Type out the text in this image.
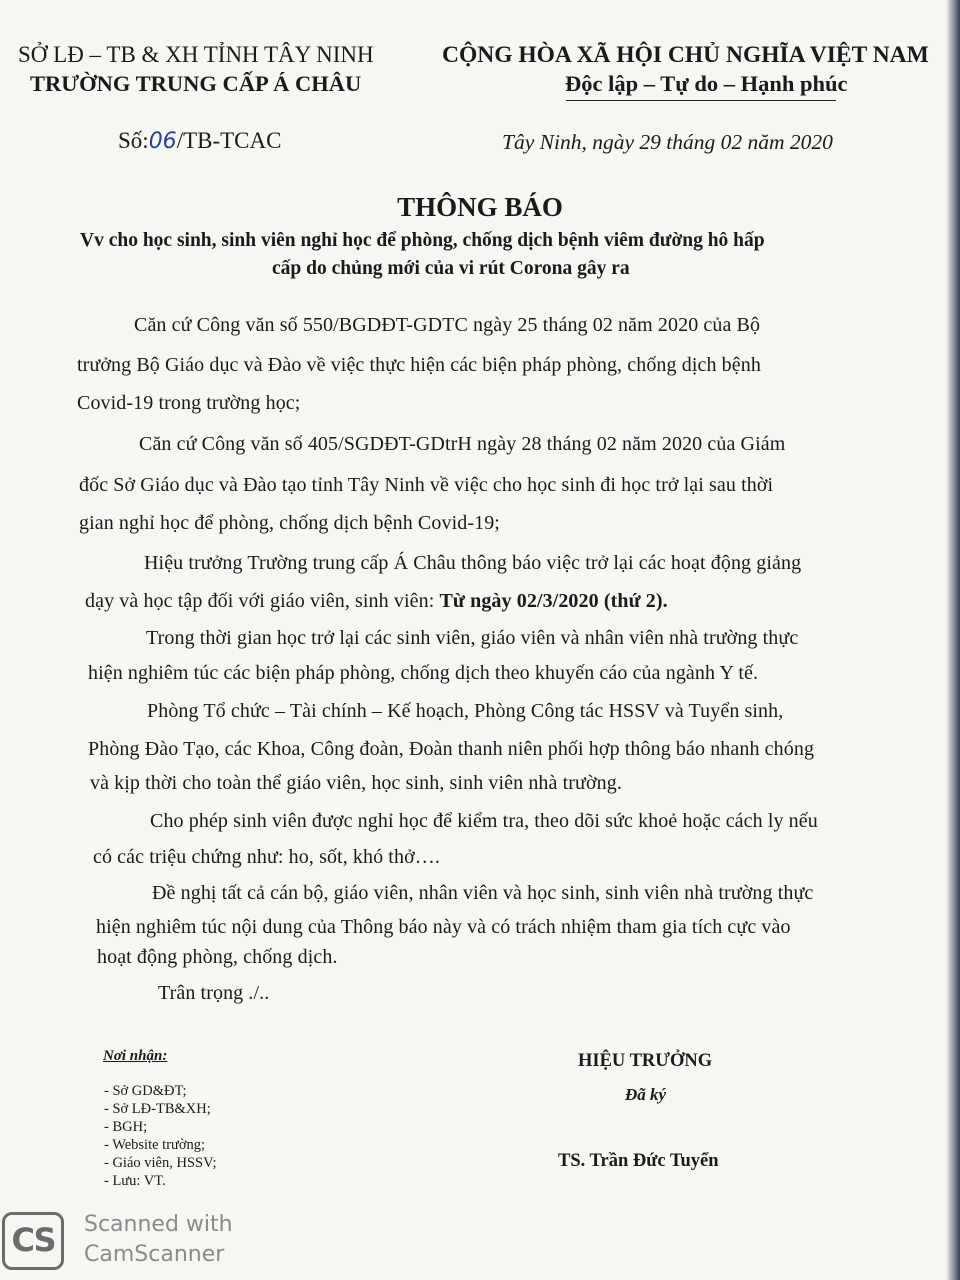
SỞ LĐ – TB & XH TỈNH TÂY NINH
TRƯỜNG TRUNG CẤP Á CHÂU
CỘNG HÒA XÃ HỘI CHỦ NGHĨA VIỆT NAM
Độc lập – Tự do – Hạnh phúc
Số:06/TB-TCAC	Tây Ninh, ngày 29 tháng 02 năm 2020
THÔNG BÁO
Vv cho học sinh, sinh viên nghỉ học để phòng, chống dịch bệnh viêm đường hô hấp
cấp do chủng mới của vi rút Corona gây ra
Căn cứ Công văn số 550/BGDĐT-GDTC ngày 25 tháng 02 năm 2020 của Bộ
trưởng Bộ Giáo dục và Đào về việc thực hiện các biện pháp phòng, chống dịch bệnh
Covid-19 trong trường học;
Căn cứ Công văn số 405/SGDĐT-GDtrH ngày 28 tháng 02 năm 2020 của Giám
đốc Sở Giáo dục và Đào tạo tỉnh Tây Ninh về việc cho học sinh đi học trở lại sau thời
gian nghỉ học để phòng, chống dịch bệnh Covid-19;
Hiệu trưởng Trường trung cấp Á Châu thông báo việc trở lại các hoạt động giảng
dạy và học tập đối với giáo viên, sinh viên: Từ ngày 02/3/2020 (thứ 2).
Trong thời gian học trở lại các sinh viên, giáo viên và nhân viên nhà trường thực
hiện nghiêm túc các biện pháp phòng, chống dịch theo khuyến cáo của ngành Y tế.
Phòng Tổ chức – Tài chính – Kế hoạch, Phòng Công tác HSSV và Tuyển sinh,
Phòng Đào Tạo, các Khoa, Công đoàn, Đoàn thanh niên phối hợp thông báo nhanh chóng
và kịp thời cho toàn thể giáo viên, học sinh, sinh viên nhà trường.
Cho phép sinh viên được nghỉ học để kiểm tra, theo dõi sức khoẻ hoặc cách ly nếu
có các triệu chứng như: ho, sốt, khó thở….
Đề nghị tất cả cán bộ, giáo viên, nhân viên và học sinh, sinh viên nhà trường thực
hiện nghiêm túc nội dung của Thông báo này và có trách nhiệm tham gia tích cực vào
hoạt động phòng, chống dịch.
Trân trọng ./..
Nơi nhận:
- Sở GD&ĐT;
- Sở LĐ-TB&XH;
- BGH;
- Website trường;
- Giáo viên, HSSV;
- Lưu: VT.
HIỆU TRƯỞNG
Đã ký
TS. Trần Đức Tuyển
CS	Scanned with
CamScanner
